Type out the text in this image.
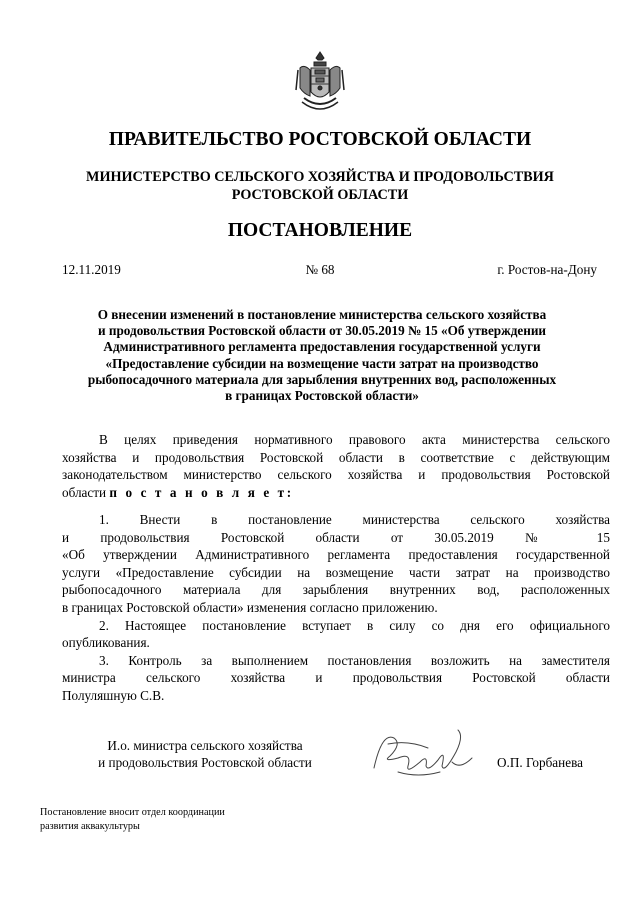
ПРАВИТЕЛЬСТВО РОСТОВСКОЙ ОБЛАСТИ
МИНИСТЕРСТВО СЕЛЬСКОГО ХОЗЯЙСТВА И ПРОДОВОЛЬСТВИЯ
РОСТОВСКОЙ ОБЛАСТИ
ПОСТАНОВЛЕНИЕ
12.11.2019	№ 68	г. Ростов-на-Дону
О внесении изменений в постановление министерства сельского хозяйства
и продовольствия Ростовской области от 30.05.2019 № 15 «Об утверждении
Административного регламента предоставления государственной услуги
«Предоставление субсидии на возмещение части затрат на производство
рыбопосадочного материала для зарыбления внутренних вод, расположенных
в границах Ростовской области»
В целях приведения нормативного правового акта министерства сельского
хозяйства и продовольствия Ростовской области в соответствие с действующим
законодательством министерство сельского хозяйства и продовольствия Ростовской
области п о с т а н о в л я е т:
1. Внести в постановление министерства сельского хозяйства
и продовольствия Ростовской области от 30.05.2019 № 15
«Об утверждении Административного регламента предоставления государственной
услуги «Предоставление субсидии на возмещение части затрат на производство
рыбопосадочного материала для зарыбления внутренних вод, расположенных
в границах Ростовской области» изменения согласно приложению.
2. Настоящее постановление вступает в силу со дня его официального
опубликования.
3. Контроль за выполнением постановления возложить на заместителя
министра сельского хозяйства и продовольствия Ростовской области
Полуляшную С.В.
И.о. министра сельского хозяйства
и продовольствия Ростовской области	О.П. Горбанева
Постановление вносит отдел координации
развития аквакультуры
